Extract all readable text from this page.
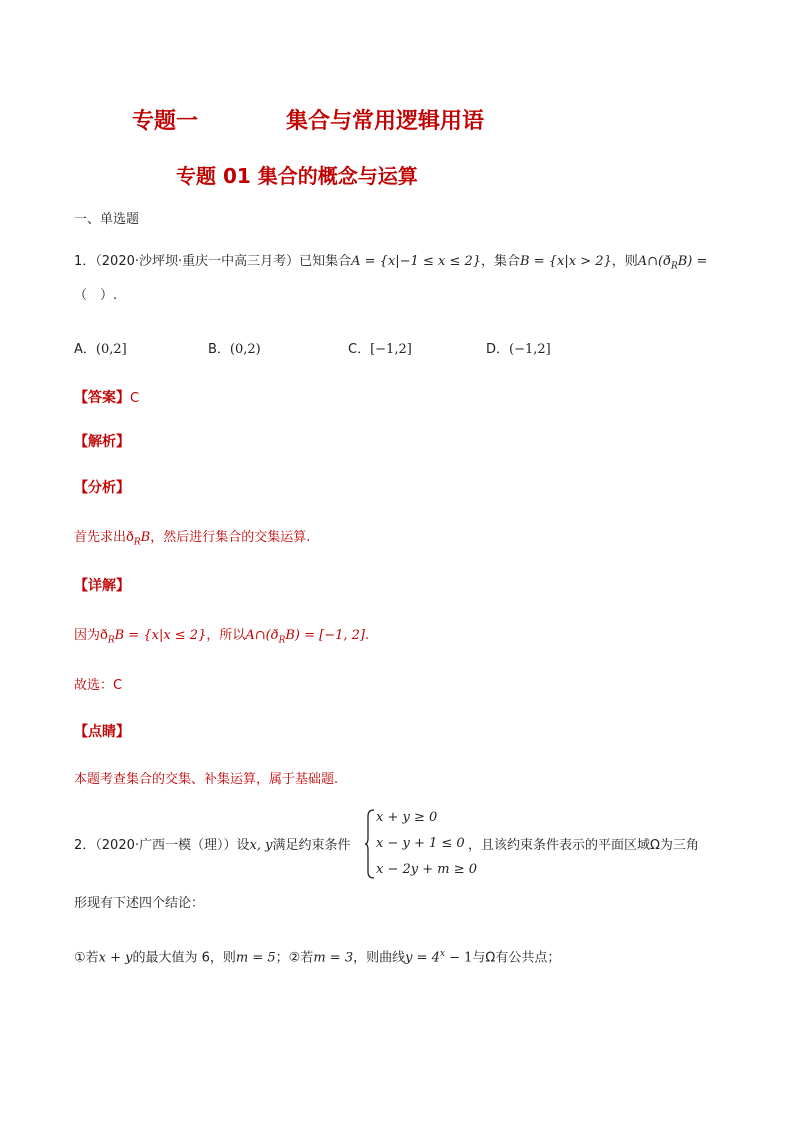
专题一	集合与常用逻辑用语
专题 01 集合的概念与运算
一、单选题
1．（2020·沙坪坝·重庆一中高三月考）已知集合A = {x|−1 ≤ x ≤ 2}，集合B = {x|x > 2}，则$A\cap(ð_RB)$ =
（　）.
A．(0,2]	B．(0,2)	C．[−1,2]	D．(−1,2]
【答案】C
【解析】
【分析】
首先求出$ð_RB$，然后进行集合的交集运算.
【详解】
因为$ð_RB = \{x|x \le 2\}$，所以$A\cap(ð_RB) = [-1$, 2].
故选：C
【点睛】
本题考查集合的交集、补集运算，属于基础题.
2．（2020·广西一模（理））设x, y满足约束条件
x + y ≥ 0
x − y + 1 ≤ 0
x − 2y + m ≥ 0
，且该约束条件表示的平面区域Ω为三角
形现有下述四个结论：
①若x + y的最大值为 6，则m = 5；②若m = 3，则曲线$y = 4^x - 1$与Ω有公共点；
